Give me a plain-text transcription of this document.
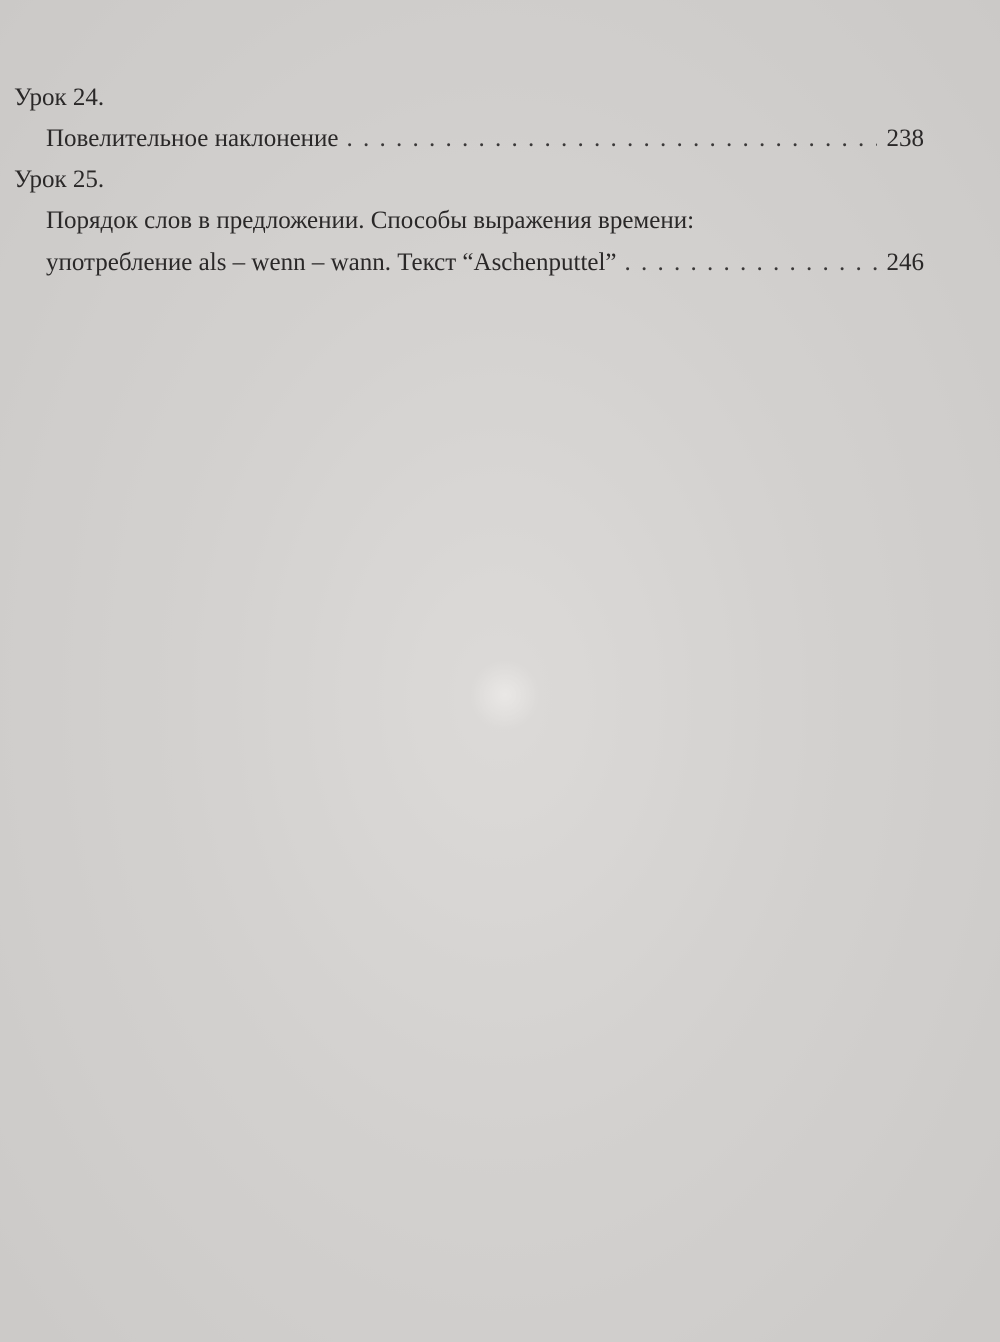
Урок 24.
Повелительное наклонение . . .	238
Урок 25.
Порядок слов в предложении. Способы выражения времени:
употребление als – wenn – wann. Текст “Aschenputtel” . . .	246
